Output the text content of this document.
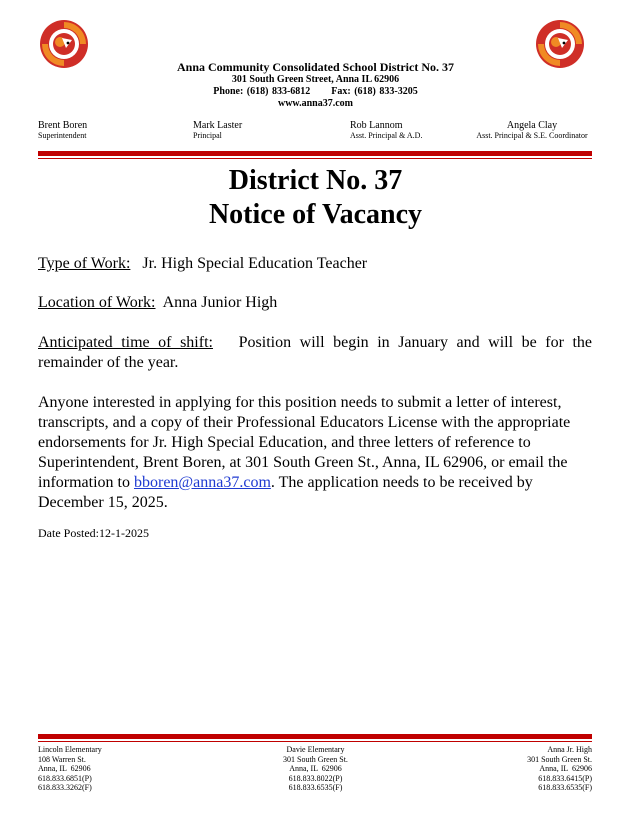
Anna Community Consolidated School District No. 37
301 South Green Street, Anna IL 62906
Phone: (618) 833-6812      Fax: (618) 833-3205
www.anna37.com
Brent Boren
Superintendent
Mark Laster
Principal
Rob Lannom
Asst. Principal & A.D.
Angela Clay
Asst. Principal & S.E. Coordinator
District No. 37
Notice of Vacancy
Type of Work: Jr. High Special Education Teacher
Location of Work: Anna Junior High
Anticipated time of shift: Position will begin in January and will be for the remainder of the year.
Anyone interested in applying for this position needs to submit a letter of interest, transcripts, and a copy of their Professional Educators License with the appropriate endorsements for Jr. High Special Education, and three letters of reference to Superintendent, Brent Boren, at 301 South Green St., Anna, IL 62906, or email the information to bboren@anna37.com. The application needs to be received by December 15, 2025.
Date Posted:12-1-2025
Lincoln Elementary
108 Warren St.
Anna, IL  62906
618.833.6851(P)
618.833.3262(F)
Davie Elementary
301 South Green St.
Anna, IL  62906
618.833.8022(P)
618.833.6535(F)
Anna Jr. High
301 South Green St.
Anna, IL  62906
618.833.6415(P)
618.833.6535(F)
